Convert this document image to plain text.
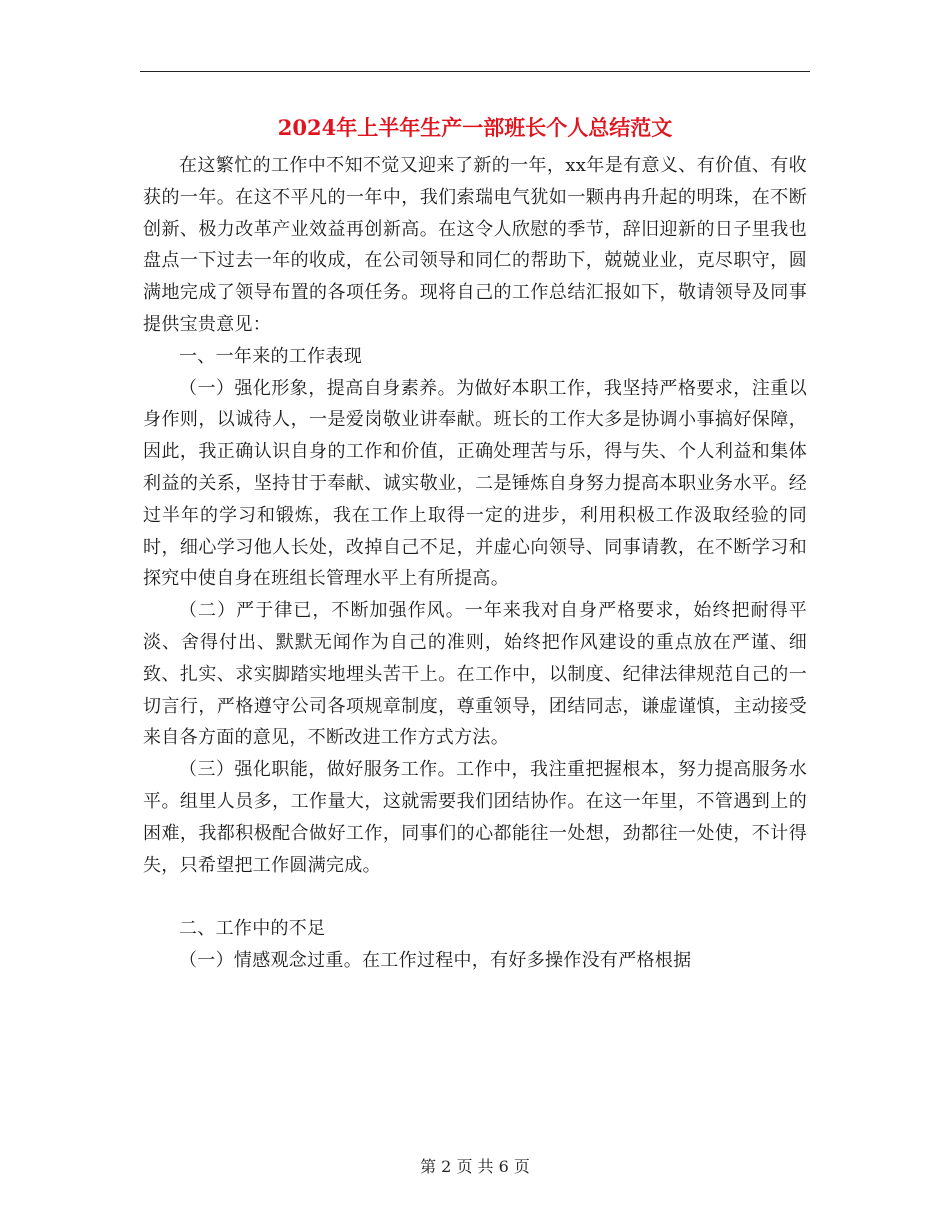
2024年上半年生产一部班长个人总结范文

在这繁忙的工作中不知不觉又迎来了新的一年，xx年是有意义、有价值、有收获的一年。在这不平凡的一年中，我们索瑞电气犹如一颗冉冉升起的明珠，在不断创新、极力改革产业效益再创新高。在这令人欣慰的季节，辞旧迎新的日子里我也盘点一下过去一年的收成，在公司领导和同仁的帮助下，兢兢业业，克尽职守，圆满地完成了领导布置的各项任务。现将自己的工作总结汇报如下，敬请领导及同事提供宝贵意见：

一、一年来的工作表现

（一）强化形象，提高自身素养。为做好本职工作，我坚持严格要求，注重以身作则，以诚待人，一是爱岗敬业讲奉献。班长的工作大多是协调小事搞好保障，因此，我正确认识自身的工作和价值，正确处理苦与乐，得与失、个人利益和集体利益的关系，坚持甘于奉献、诚实敬业，二是锤炼自身努力提高本职业务水平。经过半年的学习和锻炼，我在工作上取得一定的进步，利用积极工作汲取经验的同时，细心学习他人长处，改掉自己不足，并虚心向领导、同事请教，在不断学习和探究中使自身在班组长管理水平上有所提高。

（二）严于律已，不断加强作风。一年来我对自身严格要求，始终把耐得平淡、舍得付出、默默无闻作为自己的准则，始终把作风建设的重点放在严谨、细致、扎实、求实脚踏实地埋头苦干上。在工作中，以制度、纪律法律规范自己的一切言行，严格遵守公司各项规章制度，尊重领导，团结同志，谦虚谨慎，主动接受来自各方面的意见，不断改进工作方式方法。

（三）强化职能，做好服务工作。工作中，我注重把握根本，努力提高服务水平。组里人员多，工作量大，这就需要我们团结协作。在这一年里，不管遇到上的困难，我都积极配合做好工作，同事们的心都能往一处想，劲都往一处使，不计得失，只希望把工作圆满完成。

二、工作中的不足

（一）情感观念过重。在工作过程中，有好多操作没有严格根据

第 2 页 共 6 页
